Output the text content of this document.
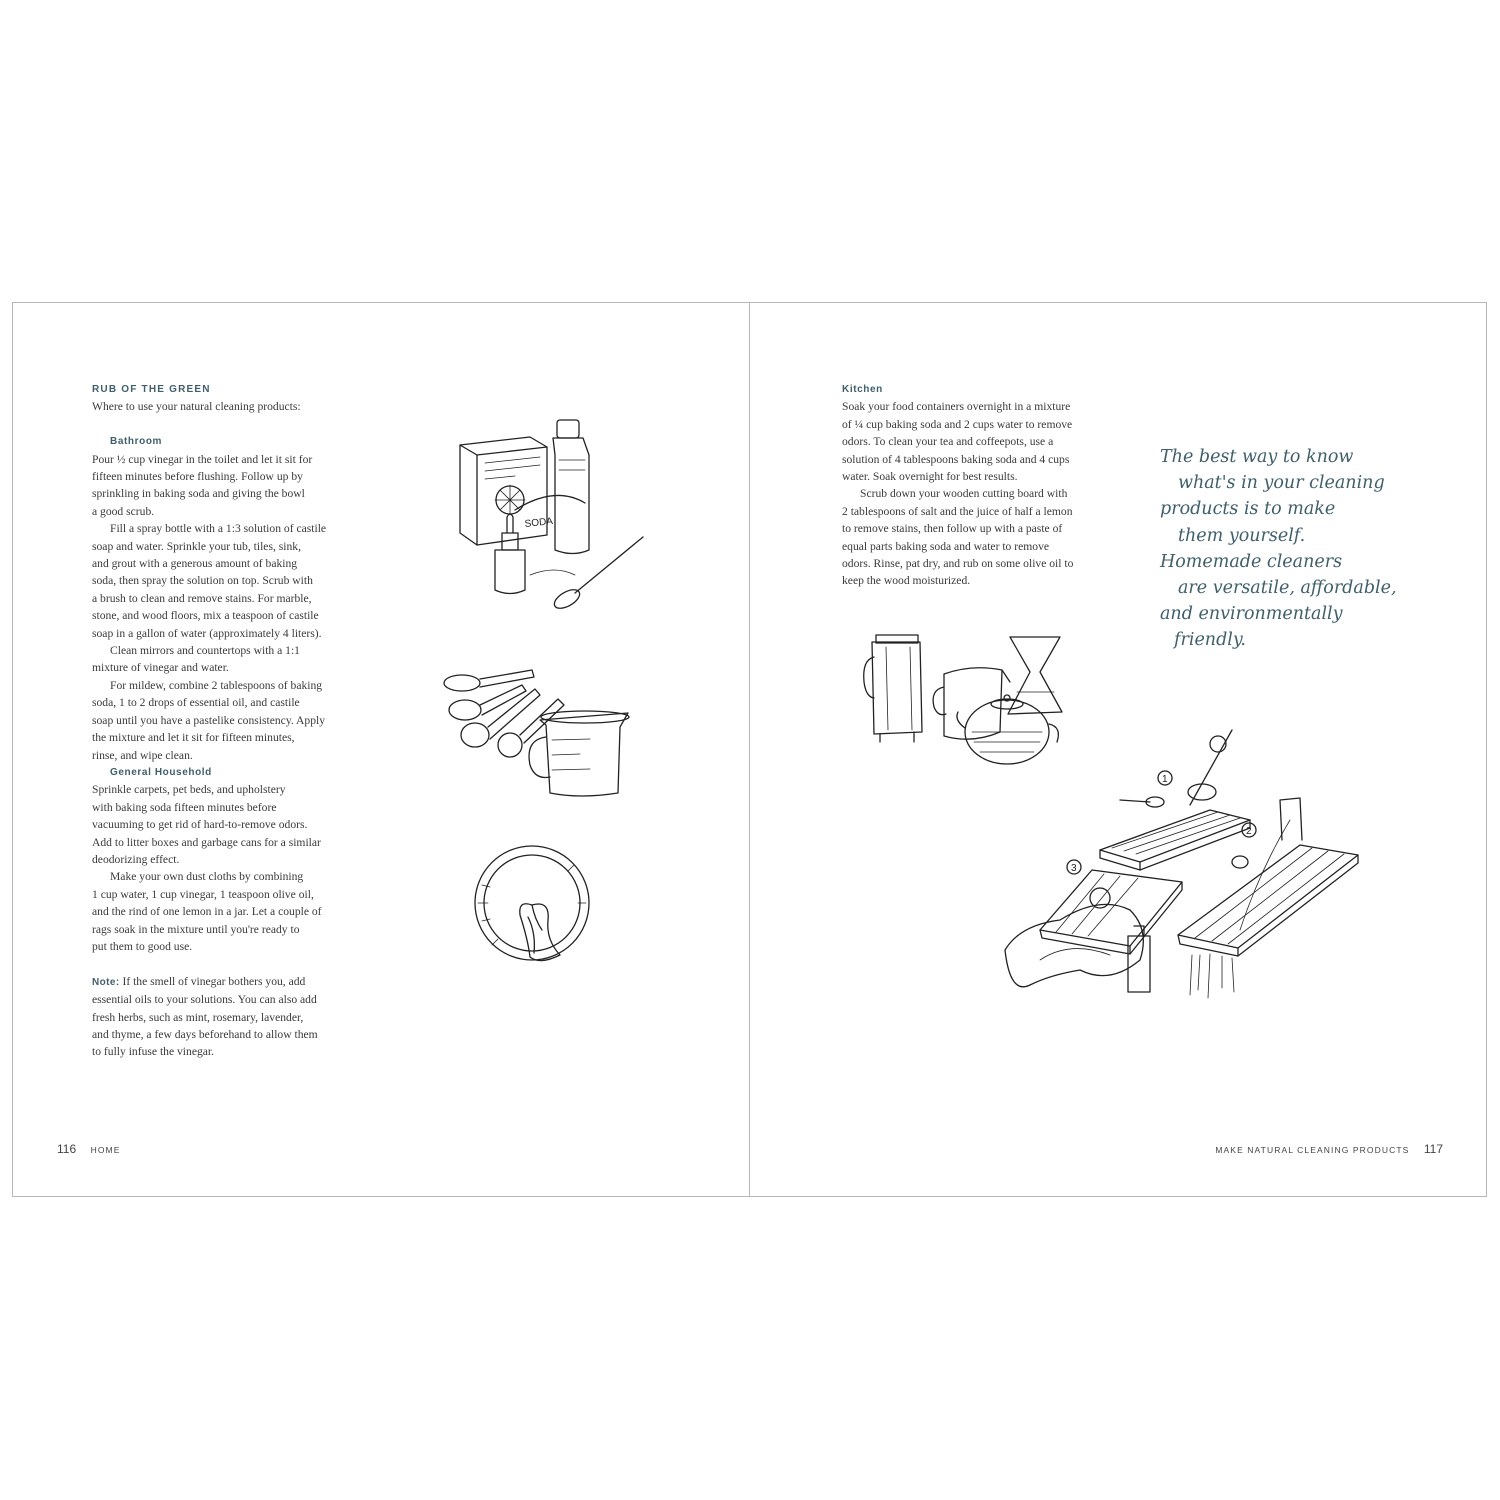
RUB OF THE GREEN

Where to use your natural cleaning products:

Bathroom

Pour ½ cup vinegar in the toilet and let it sit for

fifteen minutes before flushing. Follow up by

sprinkling in baking soda and giving the bowl

a good scrub.

Fill a spray bottle with a 1:3 solution of castile

soap and water. Sprinkle your tub, tiles, sink,

and grout with a generous amount of baking

soda, then spray the solution on top. Scrub with

a brush to clean and remove stains. For marble,

stone, and wood floors, mix a teaspoon of castile

soap in a gallon of water (approximately 4 liters).

Clean mirrors and countertops with a 1:1

mixture of vinegar and water.

For mildew, combine 2 tablespoons of baking

soda, 1 to 2 drops of essential oil, and castile

soap until you have a pastelike consistency. Apply

the mixture and let it sit for fifteen minutes,

rinse, and wipe clean.

General Household

Sprinkle carpets, pet beds, and upholstery

with baking soda fifteen minutes before

vacuuming to get rid of hard-to-remove odors.

Add to litter boxes and garbage cans for a similar

deodorizing effect.

Make your own dust cloths by combining

1 cup water, 1 cup vinegar, 1 teaspoon olive oil,

and the rind of one lemon in a jar. Let a couple of

rags soak in the mixture until you're ready to

put them to good use.

Note: If the smell of vinegar bothers you, add

essential oils to your solutions. You can also add

fresh herbs, such as mint, rosemary, lavender,

and thyme, a few days beforehand to allow them

to fully infuse the vinegar.

Kitchen

Soak your food containers overnight in a mixture

of ¼ cup baking soda and 2 cups water to remove

odors. To clean your tea and coffeepots, use a

solution of 4 tablespoons baking soda and 4 cups

water. Soak overnight for best results.

Scrub down your wooden cutting board with

2 tablespoons of salt and the juice of half a lemon

to remove stains, then follow up with a paste of

equal parts baking soda and water to remove

odors. Rinse, pat dry, and rub on some olive oil to

keep the wood moisturized.

The best way to know
what's in your cleaning
products is to make
them yourself.
Homemade cleaners
are versatile, affordable,
and environmentally
friendly.
116 HOME	MAKE NATURAL CLEANING PRODUCTS 117
SODA
1
2
3
